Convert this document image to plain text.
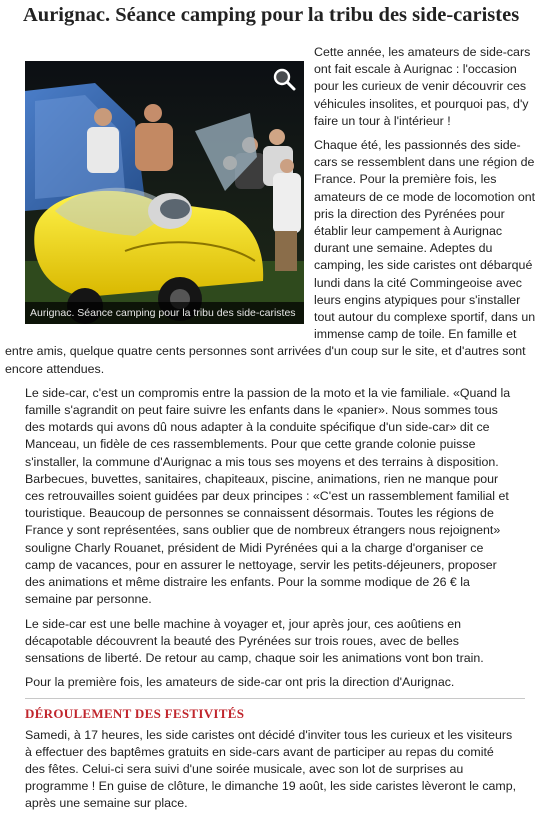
Aurignac. Séance camping pour la tribu des side-caristes
Aurignac. Séance camping pour la tribu des side-caristes

Cette année, les amateurs de side-cars ont fait escale à Aurignac : l'occasion pour les curieux de venir découvrir ces véhicules insolites, et pourquoi pas, d'y faire un tour à l'intérieur !

Chaque été, les passionnés des side-cars se ressemblent dans une région de France. Pour la première fois, les amateurs de ce mode de locomotion ont pris la direction des Pyrénées pour établir leur campement à Aurignac durant une semaine. Adeptes du camping, les side caristes ont débarqué lundi dans la cité Commingeoise avec leurs engins atypiques pour s'installer tout autour du complexe sportif, dans un immense camp de toile. En famille et entre amis, quelque quatre cents personnes sont arrivées d'un coup sur le site, et d'autres sont encore attendues.

Le side-car, c'est un compromis entre la passion de la moto et la vie familiale. «Quand la famille s'agrandit on peut faire suivre les enfants dans le «panier». Nous sommes tous des motards qui avons dû nous adapter à la conduite spécifique d'un side-car» dit ce Manceau, un fidèle de ces rassemblements. Pour que cette grande colonie puisse s'installer, la commune d'Aurignac a mis tous ses moyens et des terrains à disposition. Barbecues, buvettes, sanitaires, chapiteaux, piscine, animations, rien ne manque pour ces retrouvailles soient guidées par deux principes : «C'est un rassemblement familial et touristique. Beaucoup de personnes se connaissent désormais. Toutes les régions de France y sont représentées, sans oublier que de nombreux étrangers nous rejoignent» souligne Charly Rouanet, président de Midi Pyrénées qui a la charge d'organiser ce camp de vacances, pour en assurer le nettoyage, servir les petits-déjeuners, proposer des animations et même distraire les enfants. Pour la somme modique de 26 € la semaine par personne.

Le side-car est une belle machine à voyager et, jour après jour, ces aoûtiens en décapotable découvrent la beauté des Pyrénées sur trois roues, avec de belles sensations de liberté. De retour au camp, chaque soir les animations vont bon train.

Pour la première fois, les amateurs de side-car ont pris la direction d'Aurignac.

DÉROULEMENT DES FESTIVITÉS

Samedi, à 17 heures, les side caristes ont décidé d'inviter tous les curieux et les visiteurs à effectuer des baptêmes gratuits en side-cars avant de participer au repas du comité des fêtes. Celui-ci sera suivi d'une soirée musicale, avec son lot de surprises au programme ! En guise de clôture, le dimanche 19 août, les side caristes lèveront le camp, après une semaine sur place.
